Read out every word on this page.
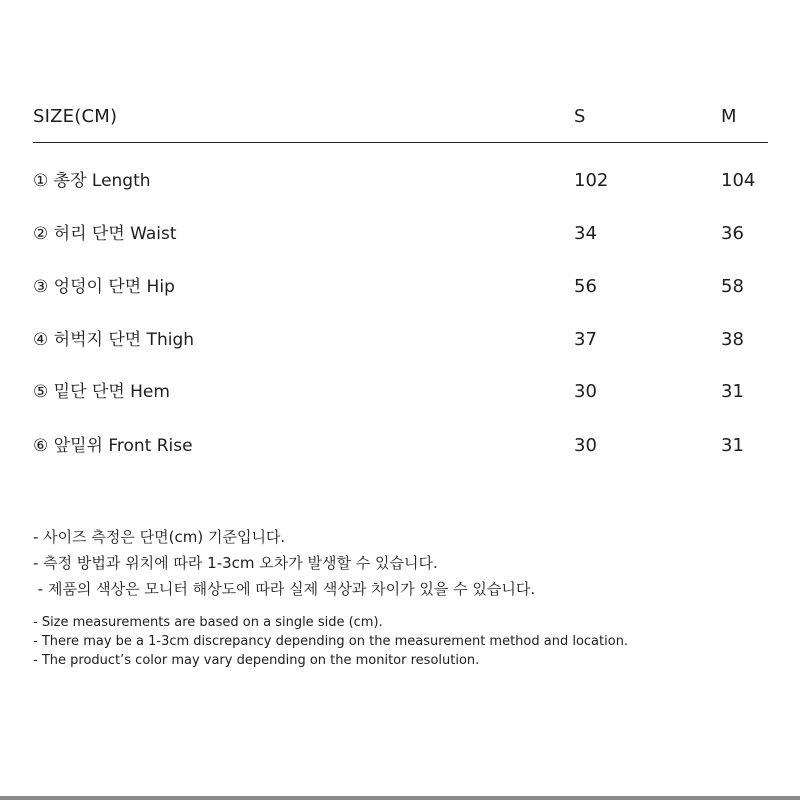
SIZE(CM)	S	M
① 총장 Length	102	104
② 허리 단면 Waist	34	36
③ 엉덩이 단면 Hip	56	58
④ 허벅지 단면 Thigh	37	38
⑤ 밑단 단면 Hem	30	31
⑥ 앞밑위 Front Rise	30	31
- 사이즈 측정은 단면(cm) 기준입니다.
- 측정 방법과 위치에 따라 1-3cm 오차가 발생할 수 있습니다.
- 제품의 색상은 모니터 해상도에 따라 실제 색상과 차이가 있을 수 있습니다.
- Size measurements are based on a single side (cm).
- There may be a 1-3cm discrepancy depending on the measurement method and location.
- The product’s color may vary depending on the monitor resolution.
